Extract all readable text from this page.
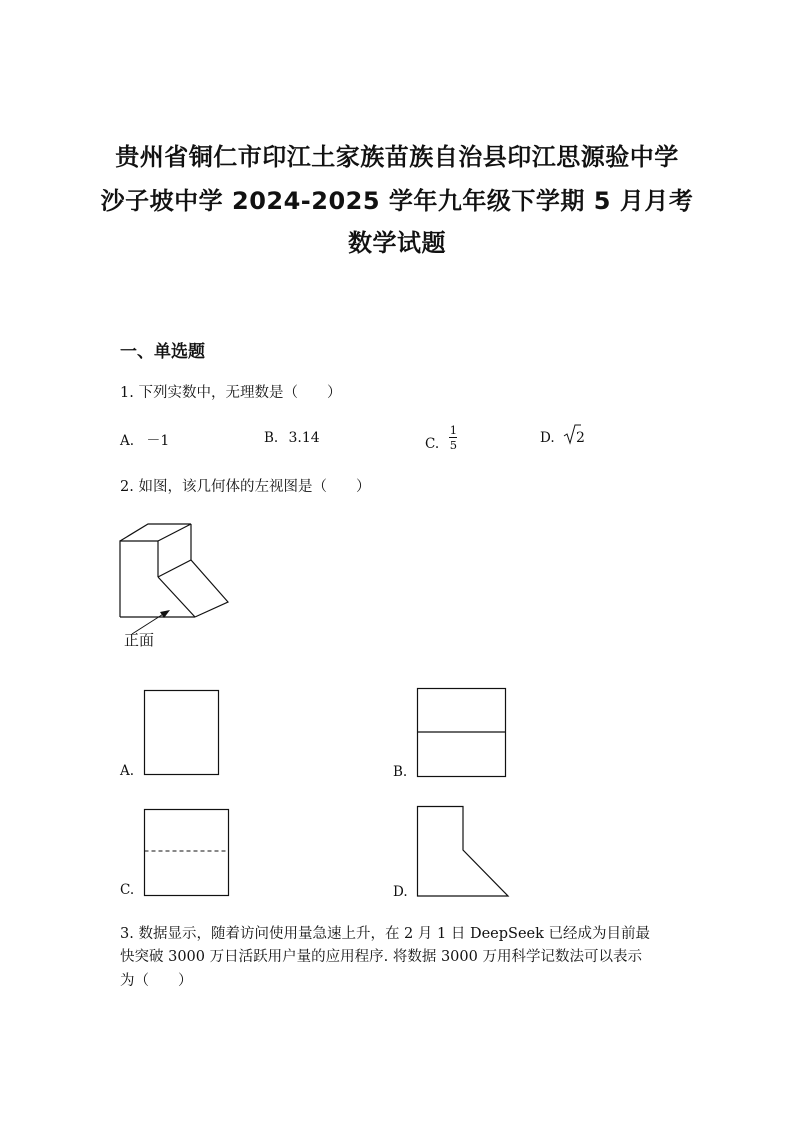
贵州省铜仁市印江土家族苗族自治县印江思源验中学
沙子坡中学 2024-2025 学年九年级下学期 5 月月考
数学试题
一、单选题
1. 下列实数中，无理数是（　　）
A. －1	B. 3.14	C. $\frac{1}{5}$	D. 2
2. 如图，该几何体的左视图是（　　）
正面
A.	B.
C.	D.
3. 数据显示，随着访问使用量急速上升，在 2 月 1 日 DeepSeek 已经成为目前最
快突破 3000 万日活跃用户量的应用程序. 将数据 3000 万用科学记数法可以表示
为（　　）
